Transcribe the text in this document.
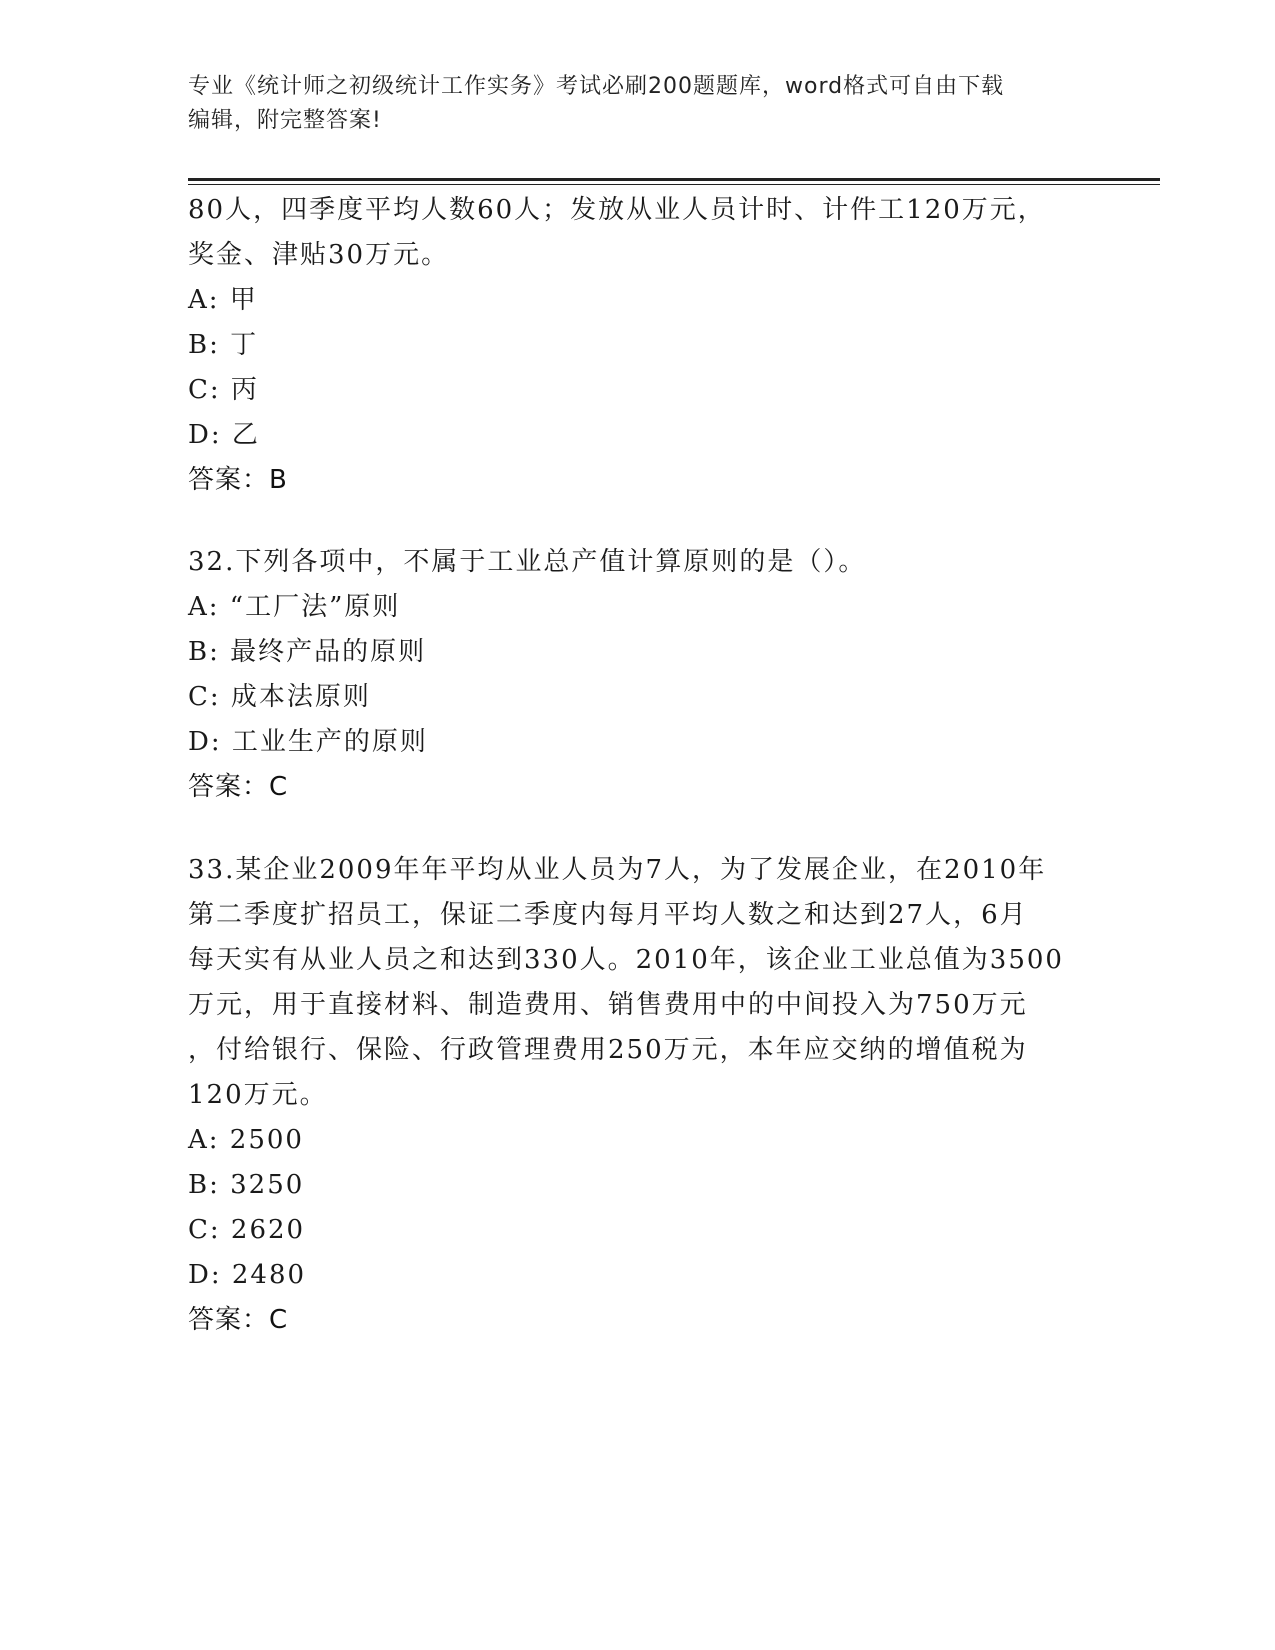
专业《统计师之初级统计工作实务》考试必刷200题题库，word格式可自由下载

编辑，附完整答案!

80人，四季度平均人数60人；发放从业人员计时、计件工120万元，

奖金、津贴30万元。

A: 甲

B: 丁

C: 丙

D: 乙

答案：B

32.下列各项中，不属于工业总产值计算原则的是（）。

A: “工厂法”原则

B: 最终产品的原则

C: 成本法原则

D: 工业生产的原则

答案：C

33.某企业2009年年平均从业人员为7人，为了发展企业，在2010年

第二季度扩招员工，保证二季度内每月平均人数之和达到27人，6月

每天实有从业人员之和达到330人。2010年，该企业工业总值为3500

万元，用于直接材料、制造费用、销售费用中的中间投入为750万元

，付给银行、保险、行政管理费用250万元，本年应交纳的增值税为

120万元。

A: 2500

B: 3250

C: 2620

D: 2480

答案：C
